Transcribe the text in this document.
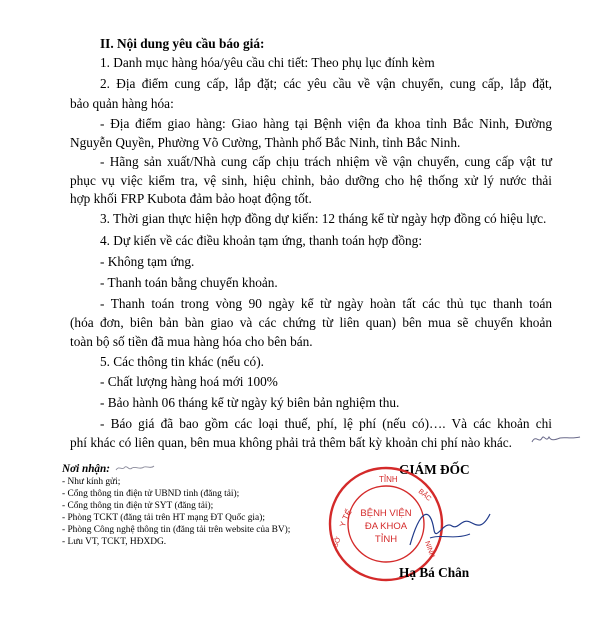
II. Nội dung yêu cầu báo giá:
1. Danh mục hàng hóa/yêu cầu chi tiết: Theo phụ lục đính kèm
2. Địa điểm cung cấp, lắp đặt; các yêu cầu về vận chuyển, cung cấp, lắp đặt,
bảo quản hàng hóa:
- Địa điểm giao hàng: Giao hàng tại Bệnh viện đa khoa tỉnh Bắc Ninh, Đường
Nguyễn Quyền, Phường Võ Cường, Thành phố Bắc Ninh, tỉnh Bắc Ninh.
- Hãng sản xuất/Nhà cung cấp chịu trách nhiệm về vận chuyển, cung cấp vật tư
phục vụ việc kiểm tra, vệ sinh, hiệu chỉnh, bảo dưỡng cho hệ thống xử lý nước thải
hợp khối FRP Kubota đảm bảo hoạt động tốt.
3. Thời gian thực hiện hợp đồng dự kiến: 12 tháng kể từ ngày hợp đồng có hiệu lực.
4. Dự kiến về các điều khoản tạm ứng, thanh toán hợp đồng:
- Không tạm ứng.
- Thanh toán bằng chuyển khoản.
- Thanh toán trong vòng 90 ngày kể từ ngày hoàn tất các thủ tục thanh toán
(hóa đơn, biên bản bàn giao và các chứng từ liên quan) bên mua sẽ chuyển khoản
toàn bộ số tiền đã mua hàng hóa cho bên bán.
5. Các thông tin khác (nếu có).
- Chất lượng hàng hoá mới 100%
- Bảo hành 06 tháng kể từ ngày ký biên bản nghiệm thu.
- Báo giá đã bao gồm các loại thuế, phí, lệ phí (nếu có)…. Và các khoản chi
phí khác có liên quan, bên mua không phải trả thêm bất kỳ khoản chi phí nào khác.
Nơi nhận:
- Như kính gửi;
- Cổng thông tin điện tử UBND tỉnh (đăng tải);
- Cổng thông tin điện tử SYT (đăng tải);
- Phòng TCKT (đăng tải trên HT mạng ĐT Quốc gia);
- Phòng Công nghệ thông tin (đăng tải trên website của BV);
- Lưu VT, TCKT, HĐXDG.
GIÁM ĐỐC
Y TẾ
TỈNH
BẮC
NINH
SỞ
BỆNH VIỆN
ĐA KHOA
TỈNH
Hạ Bá Chân
